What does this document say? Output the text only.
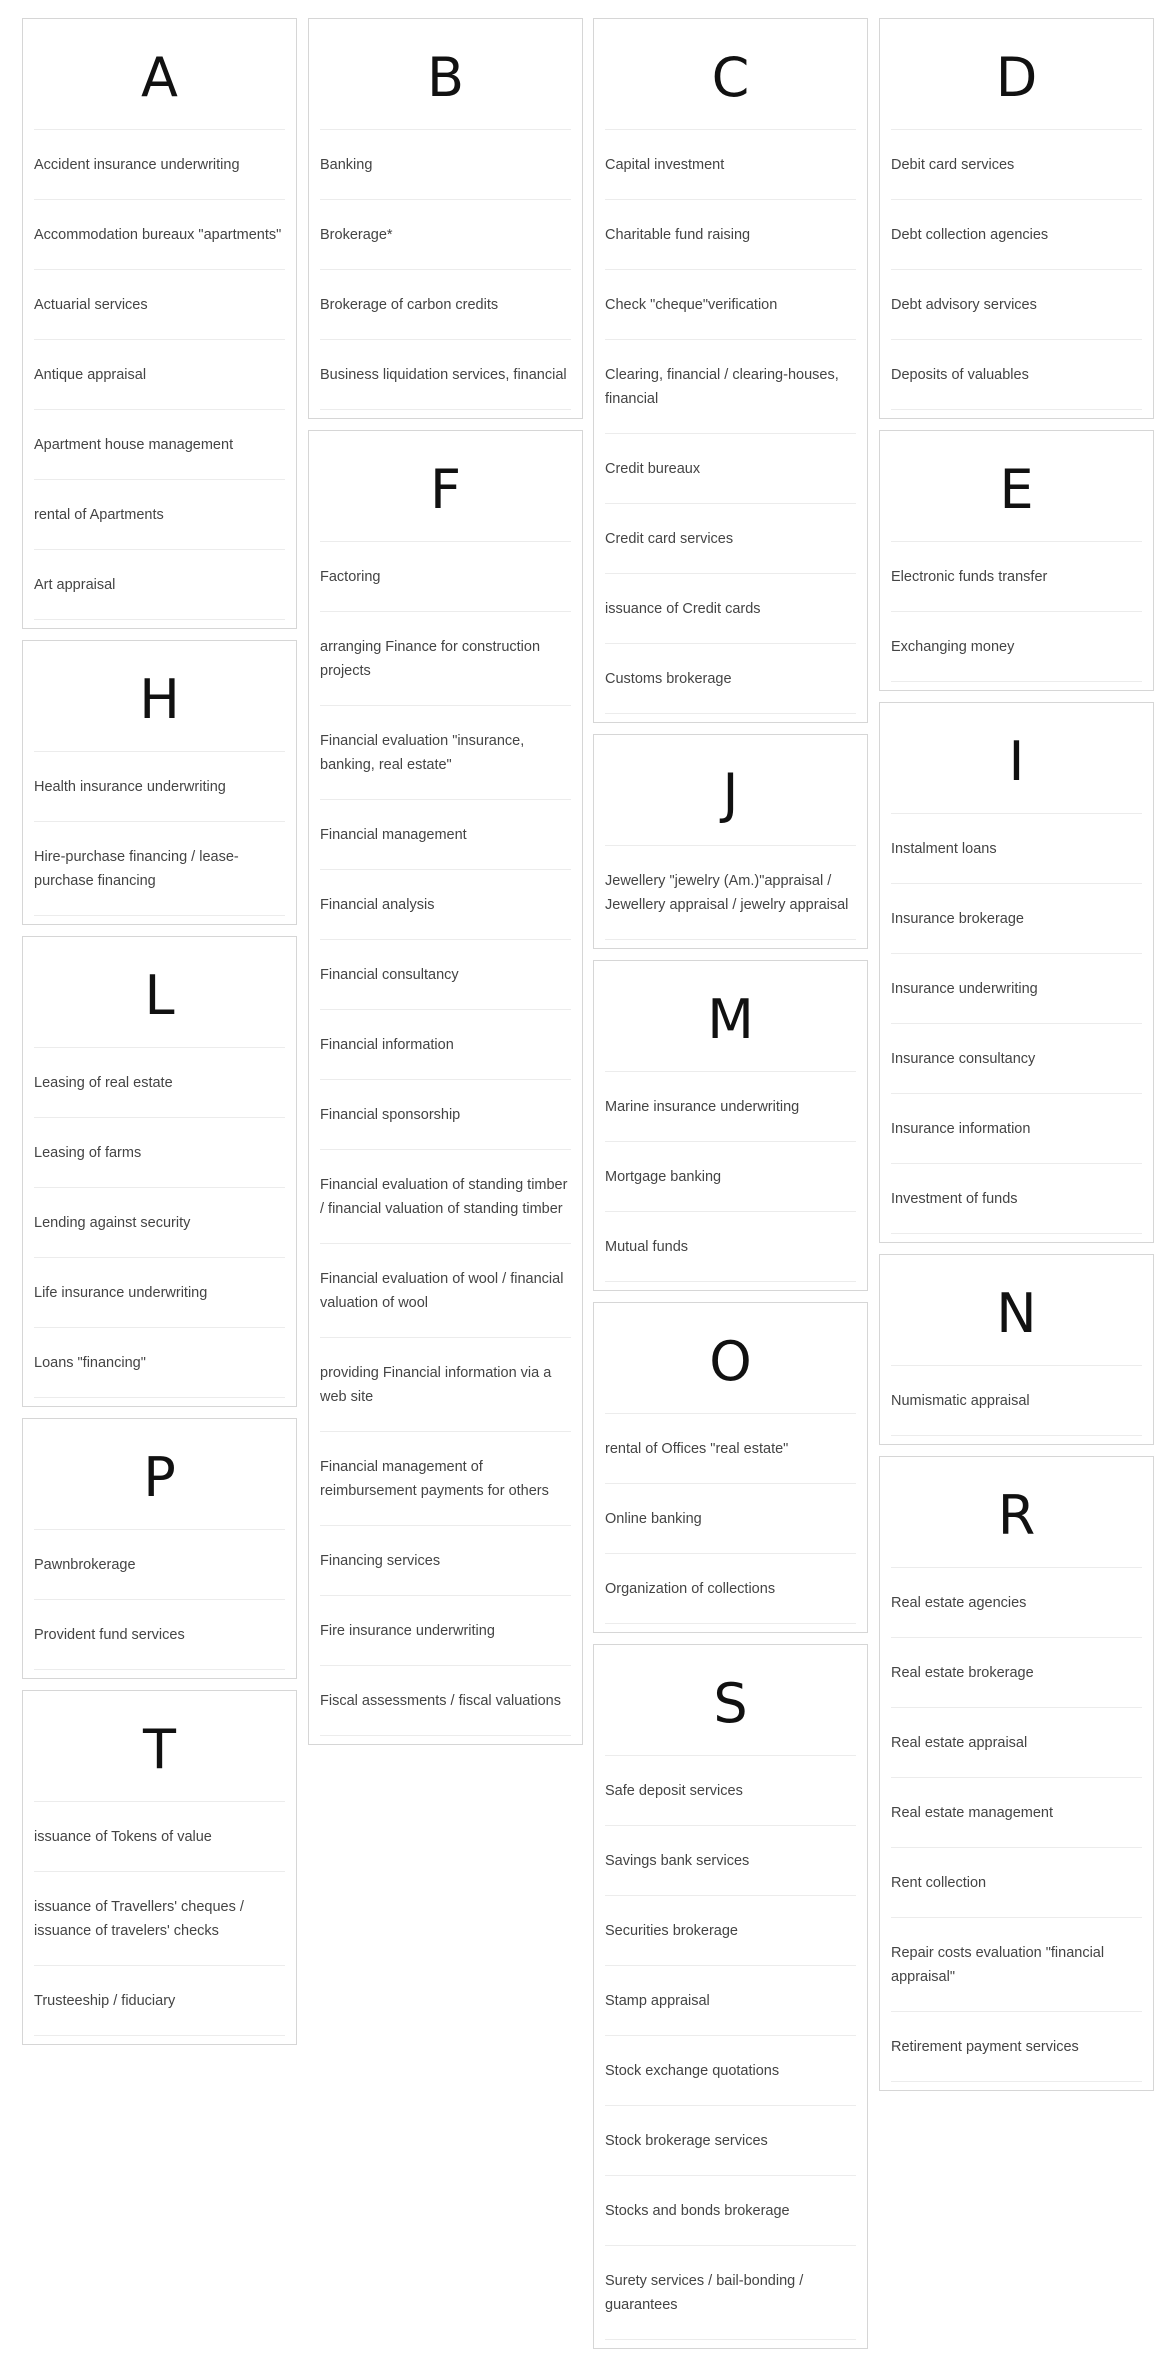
A
Accident insurance underwriting
Accommodation bureaux "apartments"
Actuarial services
Antique appraisal
Apartment house management
rental of Apartments
Art appraisal
H
Health insurance underwriting
Hire-purchase financing / lease-purchase financing
L
Leasing of real estate
Leasing of farms
Lending against security
Life insurance underwriting
Loans "financing"
P
Pawnbrokerage
Provident fund services
T
issuance of Tokens of value
issuance of Travellers' cheques / issuance of travelers' checks
Trusteeship / fiduciary
B
Banking
Brokerage*
Brokerage of carbon credits
Business liquidation services, financial
F
Factoring
arranging Finance for construction projects
Financial evaluation "insurance, banking, real estate"
Financial management
Financial analysis
Financial consultancy
Financial information
Financial sponsorship
Financial evaluation of standing timber / financial valuation of standing timber
Financial evaluation of wool / financial valuation of wool
providing Financial information via a web site
Financial management of reimbursement payments for others
Financing services
Fire insurance underwriting
Fiscal assessments / fiscal valuations
C
Capital investment
Charitable fund raising
Check "cheque"verification
Clearing, financial / clearing-houses, financial
Credit bureaux
Credit card services
issuance of Credit cards
Customs brokerage
J
Jewellery "jewelry (Am.)"appraisal / Jewellery appraisal / jewelry appraisal
M
Marine insurance underwriting
Mortgage banking
Mutual funds
O
rental of Offices "real estate"
Online banking
Organization of collections
S
Safe deposit services
Savings bank services
Securities brokerage
Stamp appraisal
Stock exchange quotations
Stock brokerage services
Stocks and bonds brokerage
Surety services / bail-bonding / guarantees
D
Debit card services
Debt collection agencies
Debt advisory services
Deposits of valuables
E
Electronic funds transfer
Exchanging money
I
Instalment loans
Insurance brokerage
Insurance underwriting
Insurance consultancy
Insurance information
Investment of funds
N
Numismatic appraisal
R
Real estate agencies
Real estate brokerage
Real estate appraisal
Real estate management
Rent collection
Repair costs evaluation "financial appraisal"
Retirement payment services
